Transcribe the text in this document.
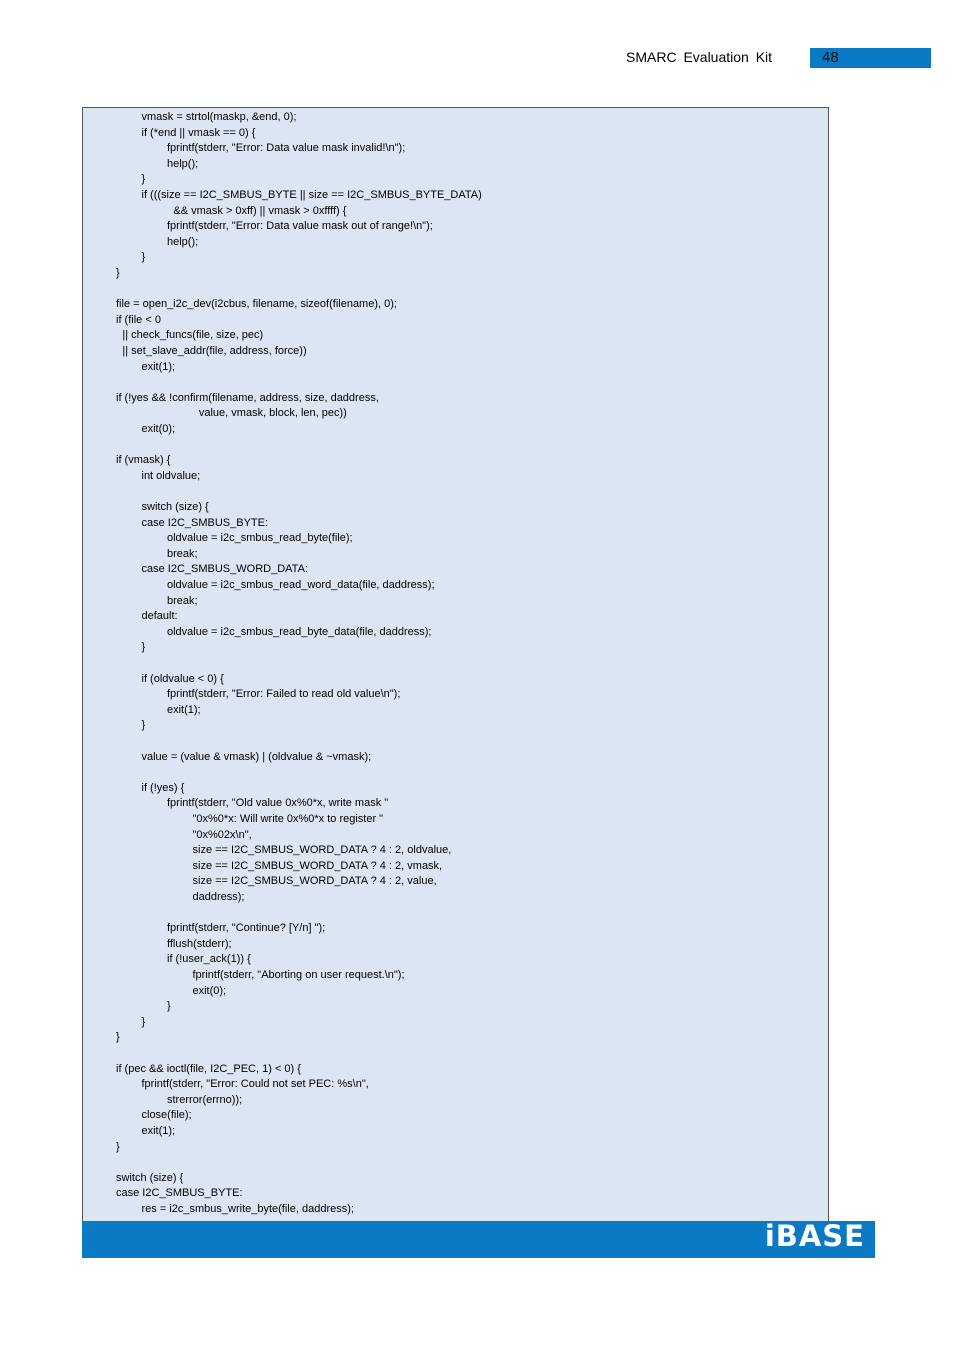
SMARC Evaluation Kit	48
vmask = strtol(maskp, &end, 0);
if (*end || vmask == 0) {
fprintf(stderr, "Error: Data value mask invalid!\n");
help();
}
if (((size == I2C_SMBUS_BYTE || size == I2C_SMBUS_BYTE_DATA)
&& vmask > 0xff) || vmask > 0xffff) {
fprintf(stderr, "Error: Data value mask out of range!\n");
help();
}
}
file = open_i2c_dev(i2cbus, filename, sizeof(filename), 0);
if (file < 0
|| check_funcs(file, size, pec)
|| set_slave_addr(file, address, force))
exit(1);
if (!yes && !confirm(filename, address, size, daddress,
value, vmask, block, len, pec))
exit(0);
if (vmask) {
int oldvalue;
switch (size) {
case I2C_SMBUS_BYTE:
oldvalue = i2c_smbus_read_byte(file);
break;
case I2C_SMBUS_WORD_DATA:
oldvalue = i2c_smbus_read_word_data(file, daddress);
break;
default:
oldvalue = i2c_smbus_read_byte_data(file, daddress);
}
if (oldvalue < 0) {
fprintf(stderr, "Error: Failed to read old value\n");
exit(1);
}
value = (value & vmask) | (oldvalue & ~vmask);
if (!yes) {
fprintf(stderr, "Old value 0x%0*x, write mask "
"0x%0*x: Will write 0x%0*x to register "
"0x%02x\n",
size == I2C_SMBUS_WORD_DATA ? 4 : 2, oldvalue,
size == I2C_SMBUS_WORD_DATA ? 4 : 2, vmask,
size == I2C_SMBUS_WORD_DATA ? 4 : 2, value,
daddress);
fprintf(stderr, "Continue? [Y/n] ");
fflush(stderr);
if (!user_ack(1)) {
fprintf(stderr, "Aborting on user request.\n");
exit(0);
}
}
}
if (pec && ioctl(file, I2C_PEC, 1) < 0) {
fprintf(stderr, "Error: Could not set PEC: %s\n",
strerror(errno));
close(file);
exit(1);
}
switch (size) {
case I2C_SMBUS_BYTE:
res = i2c_smbus_write_byte(file, daddress);
iBASE
